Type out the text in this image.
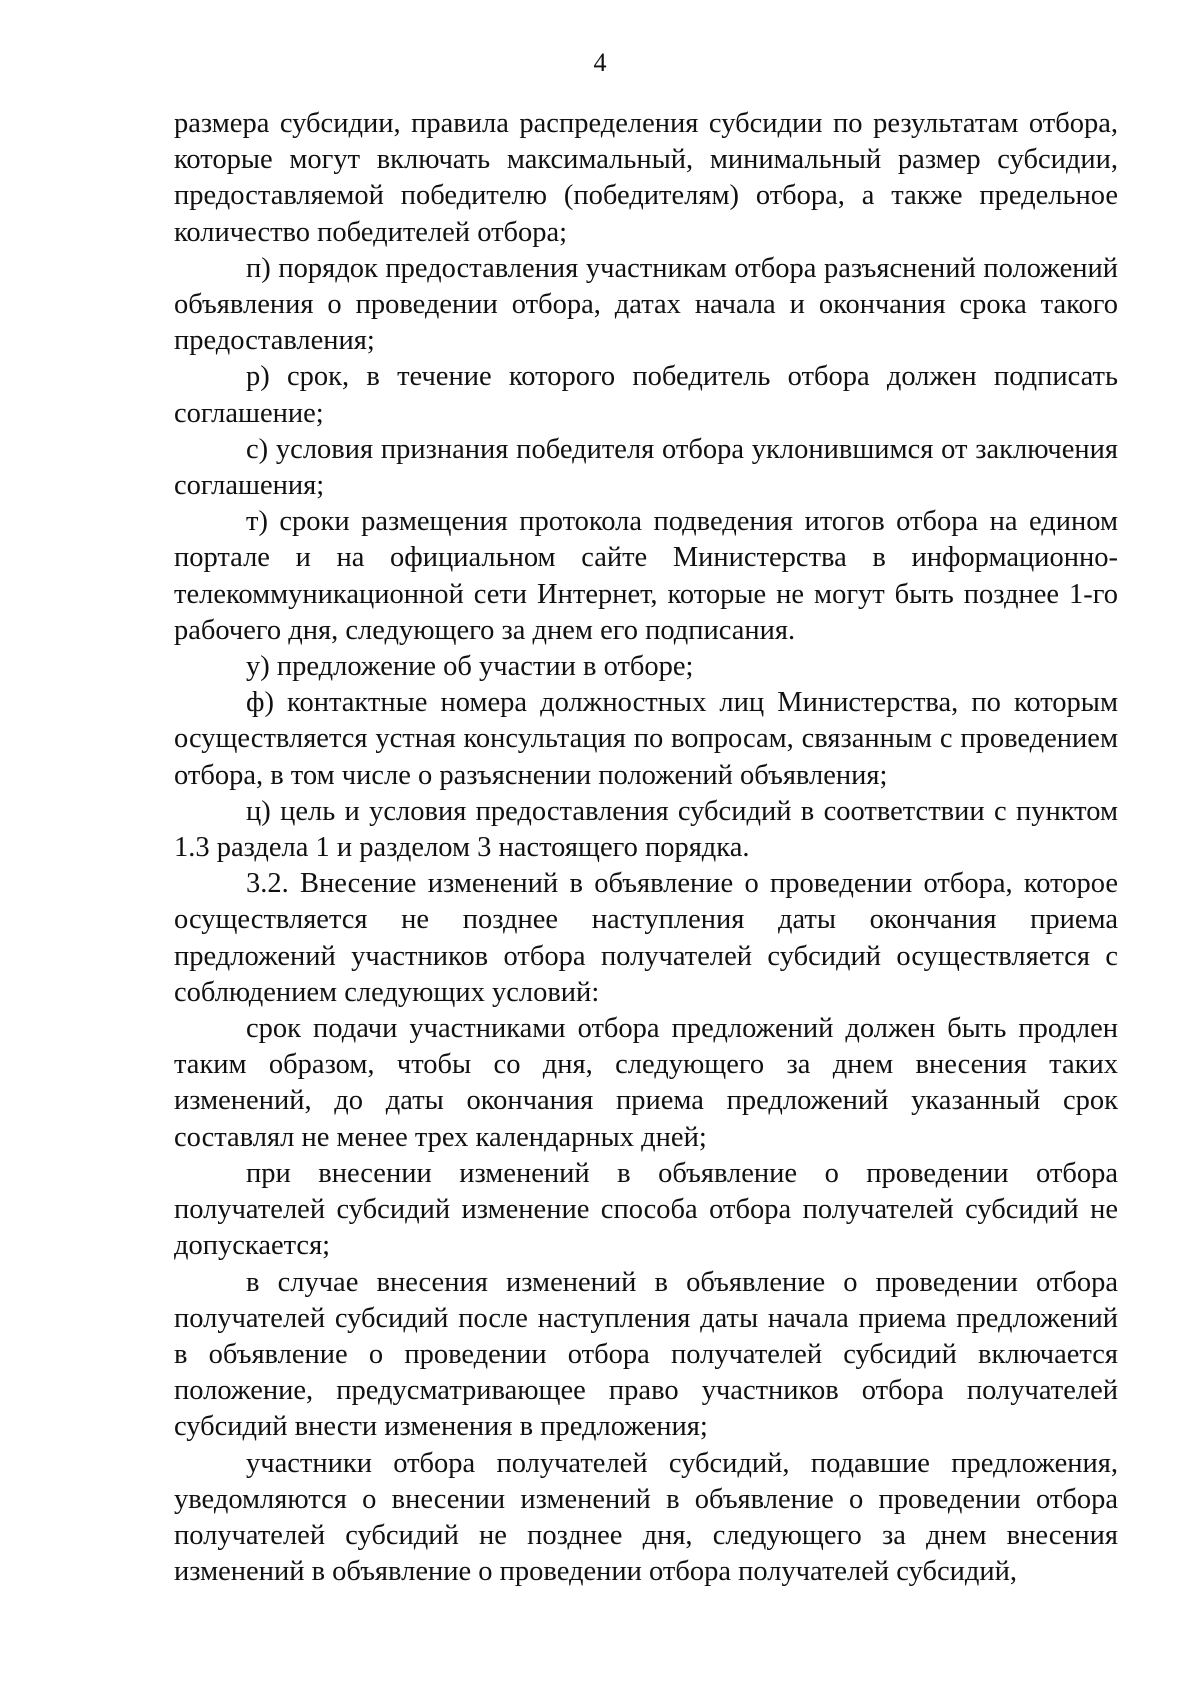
4

размера субсидии, правила распределения субсидии по результатам отбора, которые могут включать максимальный, минимальный размер субсидии, предоставляемой победителю (победителям) отбора, а также предельное количество победителей отбора;

п) порядок предоставления участникам отбора разъяснений положений объявления о проведении отбора, датах начала и окончания срока такого предоставления;

р) срок, в течение которого победитель отбора должен подписать соглашение;

с) условия признания победителя отбора уклонившимся от заключения соглашения;

т) сроки размещения протокола подведения итогов отбора на едином портале и на официальном сайте Министерства в информационно-телекоммуникационной сети Интернет, которые не могут быть позднее 1-го рабочего дня, следующего за днем его подписания.

у) предложение об участии в отборе;

ф) контактные номера должностных лиц Министерства, по которым осуществляется устная консультация по вопросам, связанным с проведением отбора, в том числе о разъяснении положений объявления;

ц) цель и условия предоставления субсидий в соответствии с пунктом 1.3 раздела 1 и разделом 3 настоящего порядка.

3.2. Внесение изменений в объявление о проведении отбора, которое осуществляется не позднее наступления даты окончания приема предложений участников отбора получателей субсидий осуществляется с соблюдением следующих условий:

срок подачи участниками отбора предложений должен быть продлен таким образом, чтобы со дня, следующего за днем внесения таких изменений, до даты окончания приема предложений указанный срок составлял не менее трех календарных дней;

при внесении изменений в объявление о проведении отбора получателей субсидий изменение способа отбора получателей субсидий не допускается;

в случае внесения изменений в объявление о проведении отбора получателей субсидий после наступления даты начала приема предложений в объявление о проведении отбора получателей субсидий включается положение, предусматривающее право участников отбора получателей субсидий внести изменения в предложения;

участники отбора получателей субсидий, подавшие предложения, уведомляются о внесении изменений в объявление о проведении отбора получателей субсидий не позднее дня, следующего за днем внесения изменений в объявление о проведении отбора получателей субсидий,
